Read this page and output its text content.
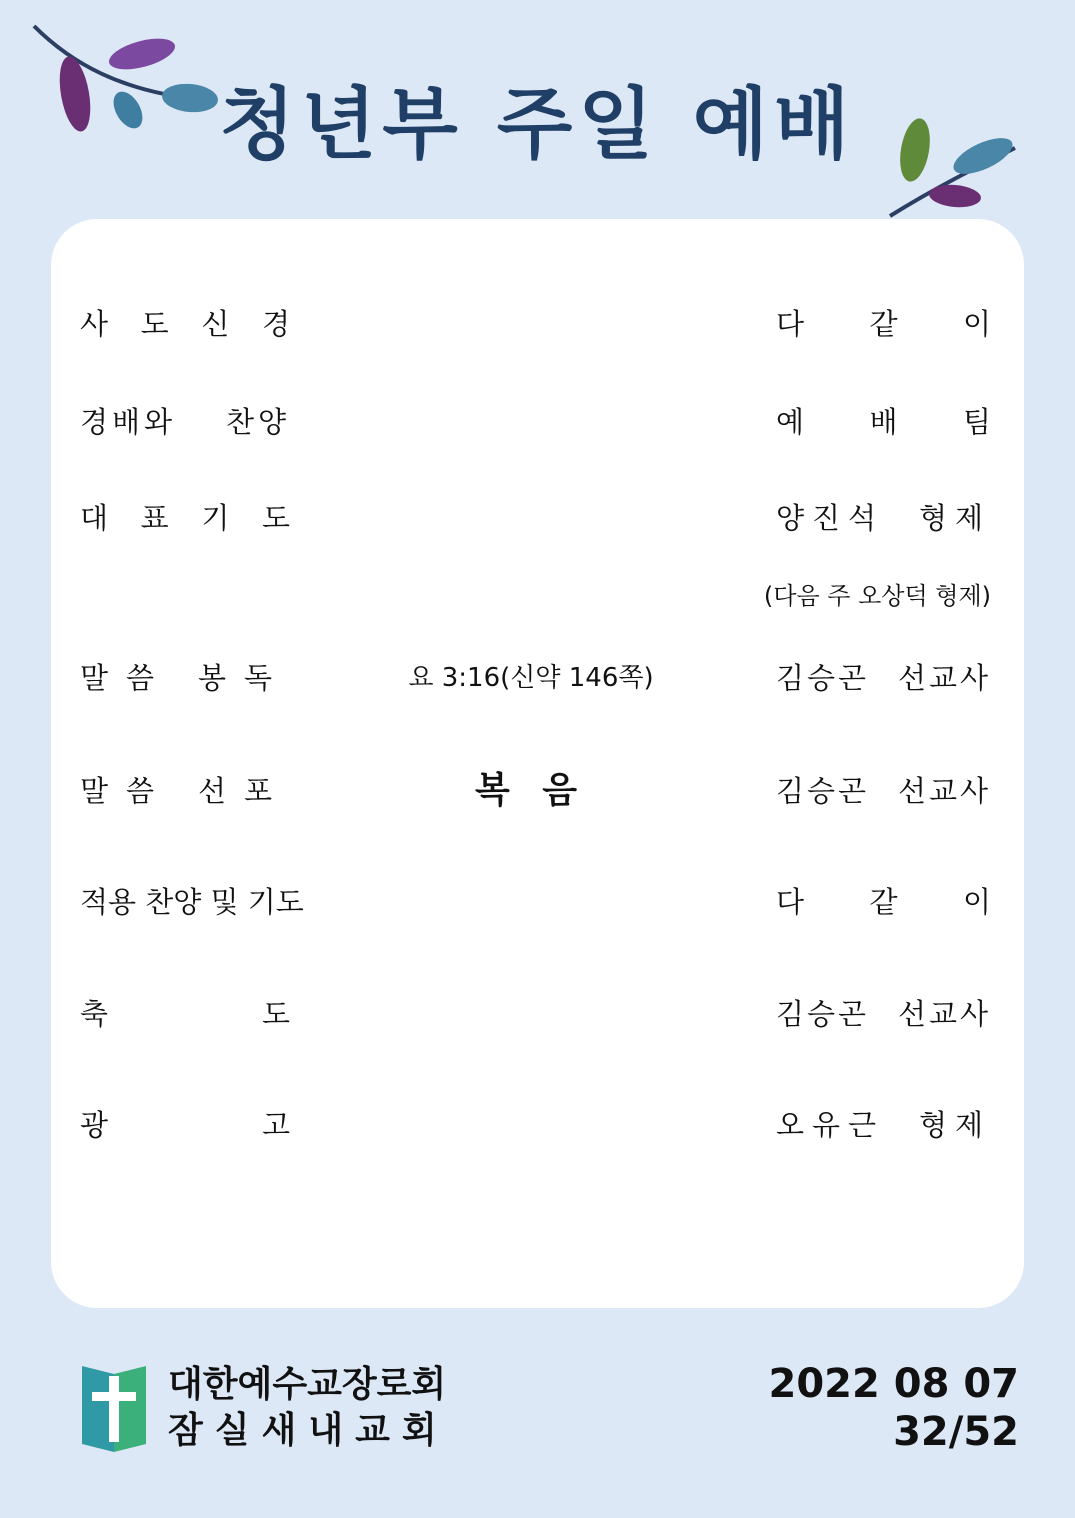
청년부 주일 예배
사 도 신 경	다 같 이
경배와 찬양	예 배 팀
대 표 기 도	양진석 형제
(다음 주 오상덕 형제)
말씀 봉독	요 3:16(신약 146쪽)	김승곤 선교사
말씀 선포	복 음	김승곤 선교사
적용 찬양 및 기도	다 같 이
축	도	김승곤 선교사
광	고	오유근 형제
대한예수교장로회
잠실새내교회
2022 08 07
32/52
